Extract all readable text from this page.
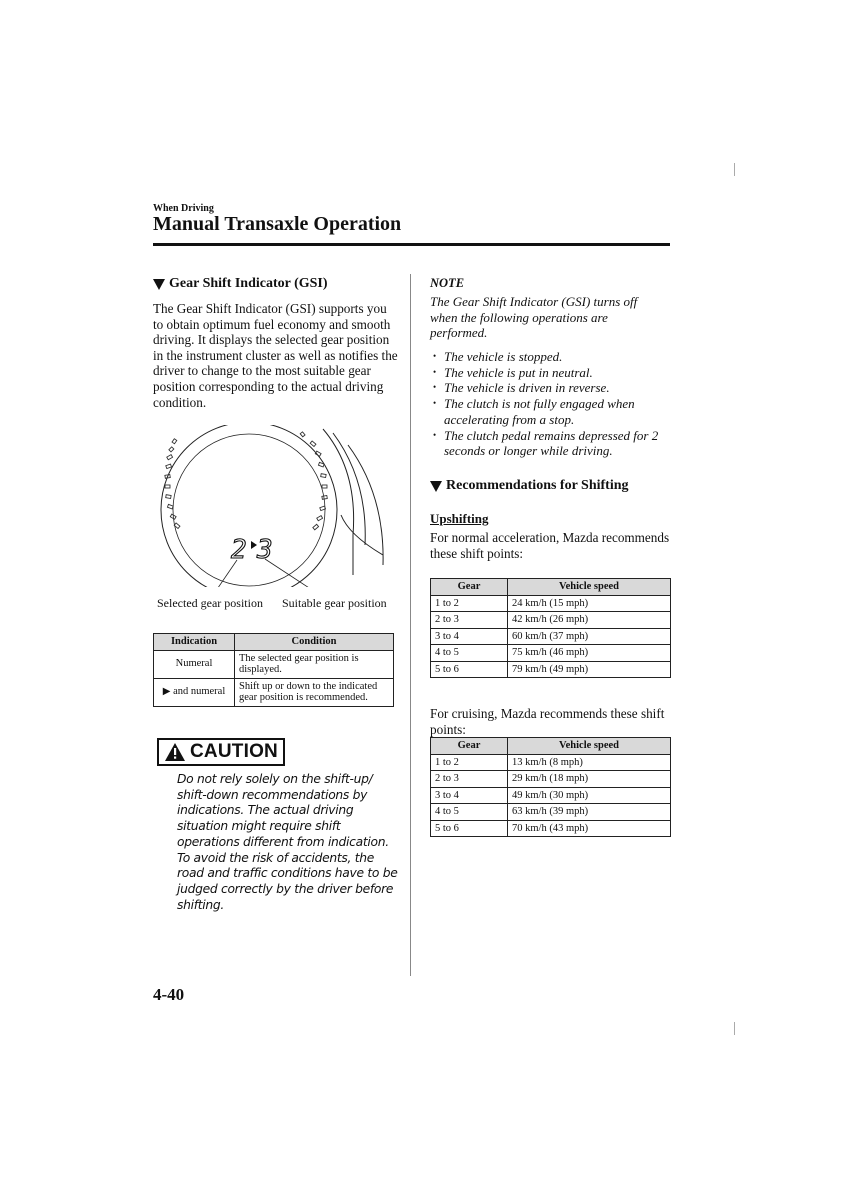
When Driving
Manual Transaxle Operation
Gear Shift Indicator (GSI)
The Gear Shift Indicator (GSI) supports you to obtain optimum fuel economy and smooth driving. It displays the selected gear position in the instrument cluster as well as notifies the driver to change to the most suitable gear position corresponding to the actual driving condition.
2 3
Selected gear position Suitable gear position
Indication	Condition
Numeral	The selected gear position is displayed.
▶ and numeral	Shift up or down to the indicated gear position is recommended.
CAUTION
Do not rely solely on the shift-up/ shift-down recommendations by indications. The actual driving situation might require shift operations different from indication. To avoid the risk of accidents, the road and traffic conditions have to be judged correctly by the driver before shifting.
NOTE
The Gear Shift Indicator (GSI) turns off when the following operations are performed.
• The vehicle is stopped.
• The vehicle is put in neutral.
• The vehicle is driven in reverse.
• The clutch is not fully engaged when accelerating from a stop.
• The clutch pedal remains depressed for 2 seconds or longer while driving.
Recommendations for Shifting
Upshifting
For normal acceleration, Mazda recommends these shift points:
Gear	Vehicle speed
1 to 2	24 km/h (15 mph)
2 to 3	42 km/h (26 mph)
3 to 4	60 km/h (37 mph)
4 to 5	75 km/h (46 mph)
5 to 6	79 km/h (49 mph)
For cruising, Mazda recommends these shift points:
Gear	Vehicle speed
1 to 2	13 km/h (8 mph)
2 to 3	29 km/h (18 mph)
3 to 4	49 km/h (30 mph)
4 to 5	63 km/h (39 mph)
5 to 6	70 km/h (43 mph)
4-40
